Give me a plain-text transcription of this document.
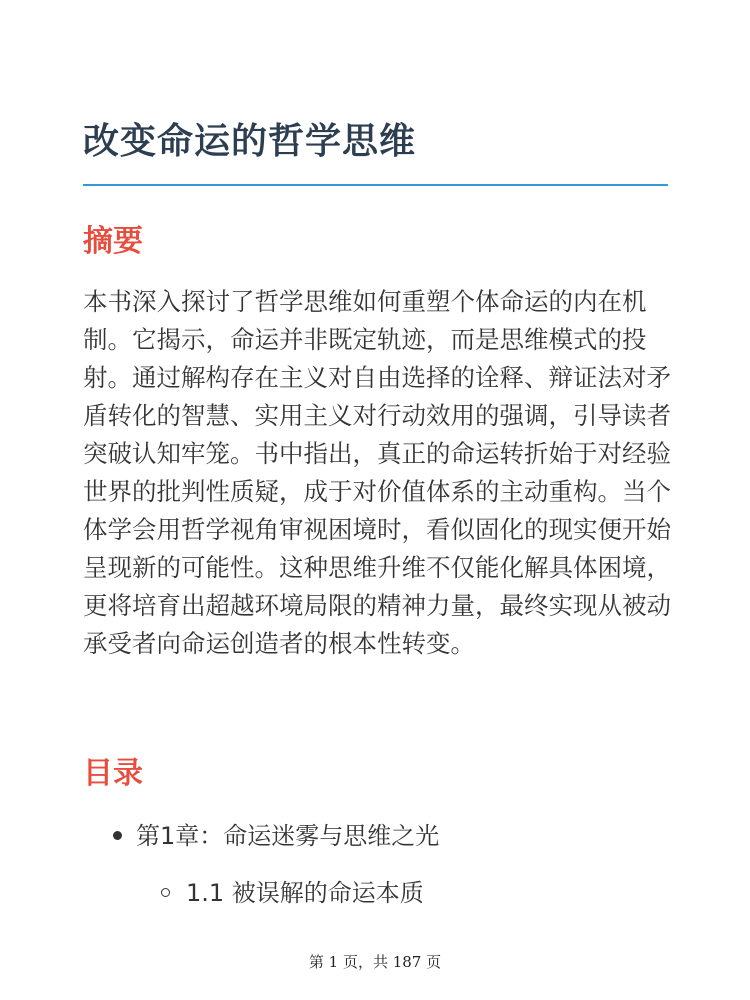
改变命运的哲学思维
摘要

本书深入探讨了哲学思维如何重塑个体命运的内在机制。它揭示，命运并非既定轨迹，而是思维模式的投射。通过解构存在主义对自由选择的诠释、辩证法对矛盾转化的智慧、实用主义对行动效用的强调，引导读者突破认知牢笼。书中指出，真正的命运转折始于对经验世界的批判性质疑，成于对价值体系的主动重构。当个体学会用哲学视角审视困境时，看似固化的现实便开始呈现新的可能性。这种思维升维不仅能化解具体困境，更将培育出超越环境局限的精神力量，最终实现从被动承受者向命运创造者的根本性转变。

目录
第1章：命运迷雾与思维之光
1.1 被误解的命运本质
第 1 页，共 187 页
